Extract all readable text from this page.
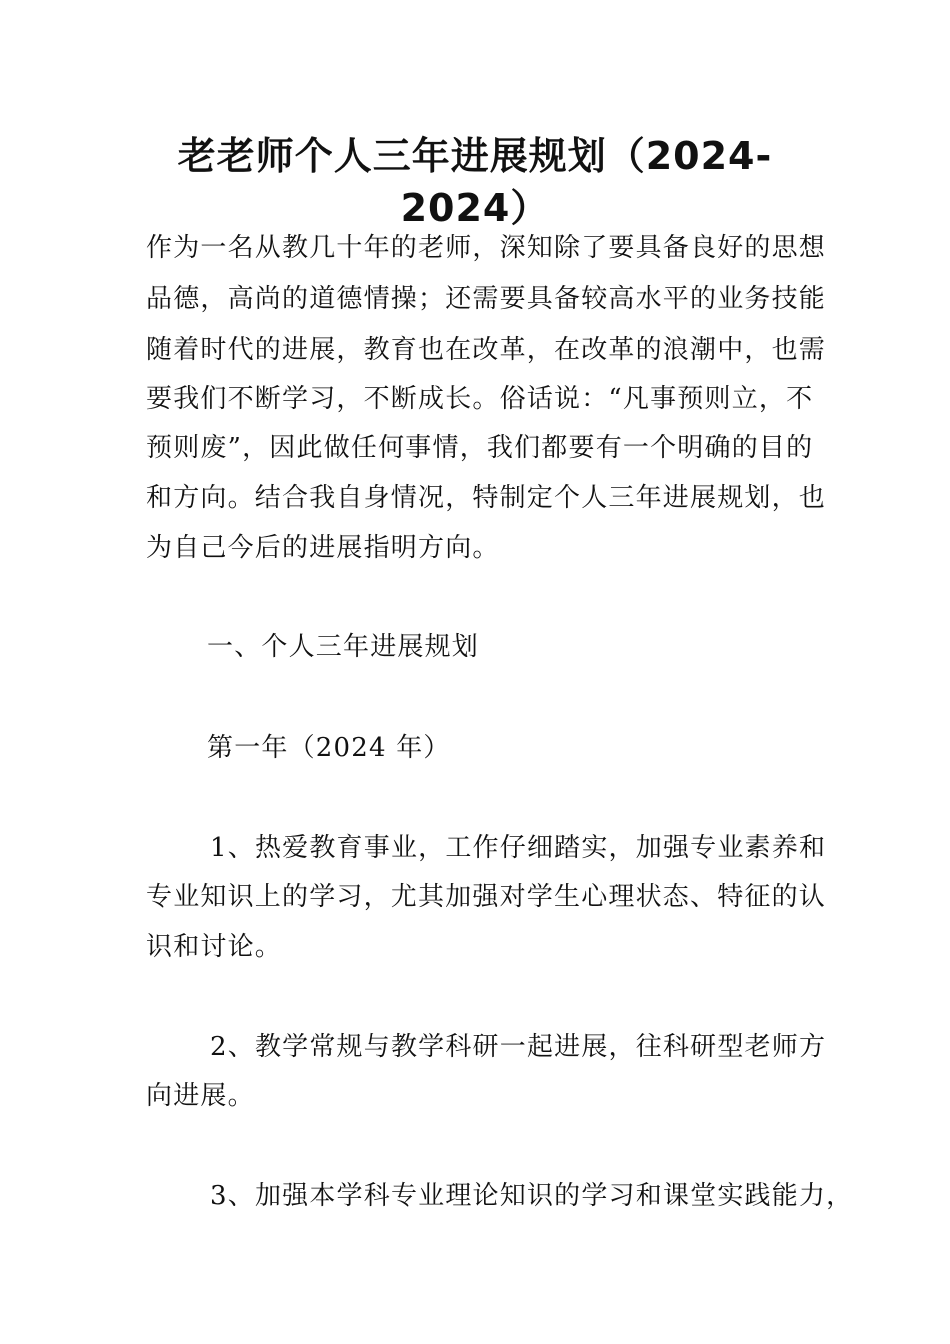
老老师个人三年进展规划（2024-
2024）
作为一名从教几十年的老师，深知除了要具备良好的思想
品德，高尚的道德情操；还需要具备较高水平的业务技能
随着时代的进展，教育也在改革，在改革的浪潮中，也需
要我们不断学习，不断成长。俗话说：“凡事预则立，不
预则废”，因此做任何事情，我们都要有一个明确的目的
和方向。结合我自身情况，特制定个人三年进展规划，也
为自己今后的进展指明方向。
一、个人三年进展规划
第一年（2024 年）
1、热爱教育事业，工作仔细踏实，加强专业素养和
专业知识上的学习，尤其加强对学生心理状态、特征的认
识和讨论。
2、教学常规与教学科研一起进展，往科研型老师方
向进展。
3、加强本学科专业理论知识的学习和课堂实践能力，
